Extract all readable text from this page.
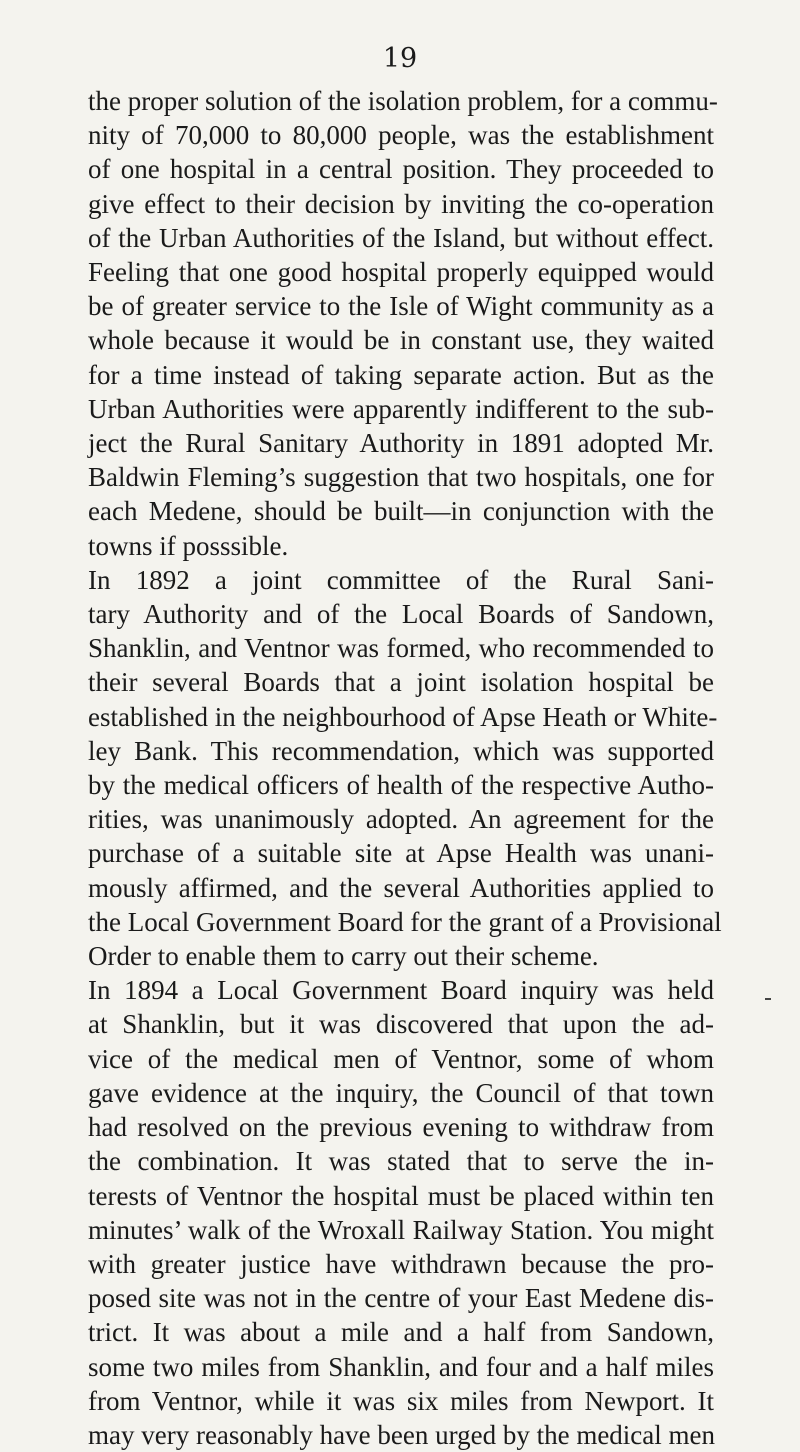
19
the proper solution of the isolation problem, for a commu-
nity of 70,000 to 80,000 people, was the establishment
of one hospital in a central position. They proceeded to
give effect to their decision by inviting the co-operation
of the Urban Authorities of the Island, but without effect.
Feeling that one good hospital properly equipped would
be of greater service to the Isle of Wight community as a
whole because it would be in constant use, they waited
for a time instead of taking separate action. But as the
Urban Authorities were apparently indifferent to the sub-
ject the Rural Sanitary Authority in 1891 adopted Mr.
Baldwin Fleming’s suggestion that two hospitals, one for
each Medene, should be built—in conjunction with the
towns if posssible.
In 1892 a joint committee of the Rural Sani-
tary Authority and of the Local Boards of Sandown,
Shanklin, and Ventnor was formed, who recommended to
their several Boards that a joint isolation hospital be
established in the neighbourhood of Apse Heath or White-
ley Bank. This recommendation, which was supported
by the medical officers of health of the respective Autho-
rities, was unanimously adopted. An agreement for the
purchase of a suitable site at Apse Health was unani-
mously affirmed, and the several Authorities applied to
the Local Government Board for the grant of a Provisional
Order to enable them to carry out their scheme.
In 1894 a Local Government Board inquiry was held
at Shanklin, but it was discovered that upon the ad-
vice of the medical men of Ventnor, some of whom
gave evidence at the inquiry, the Council of that town
had resolved on the previous evening to withdraw from
the combination. It was stated that to serve the in-
terests of Ventnor the hospital must be placed within ten
minutes’ walk of the Wroxall Railway Station. You might
with greater justice have withdrawn because the pro-
posed site was not in the centre of your East Medene dis-
trict. It was about a mile and a half from Sandown,
some two miles from Shanklin, and four and a half miles
from Ventnor, while it was six miles from Newport. It
may very reasonably have been urged by the medical men
